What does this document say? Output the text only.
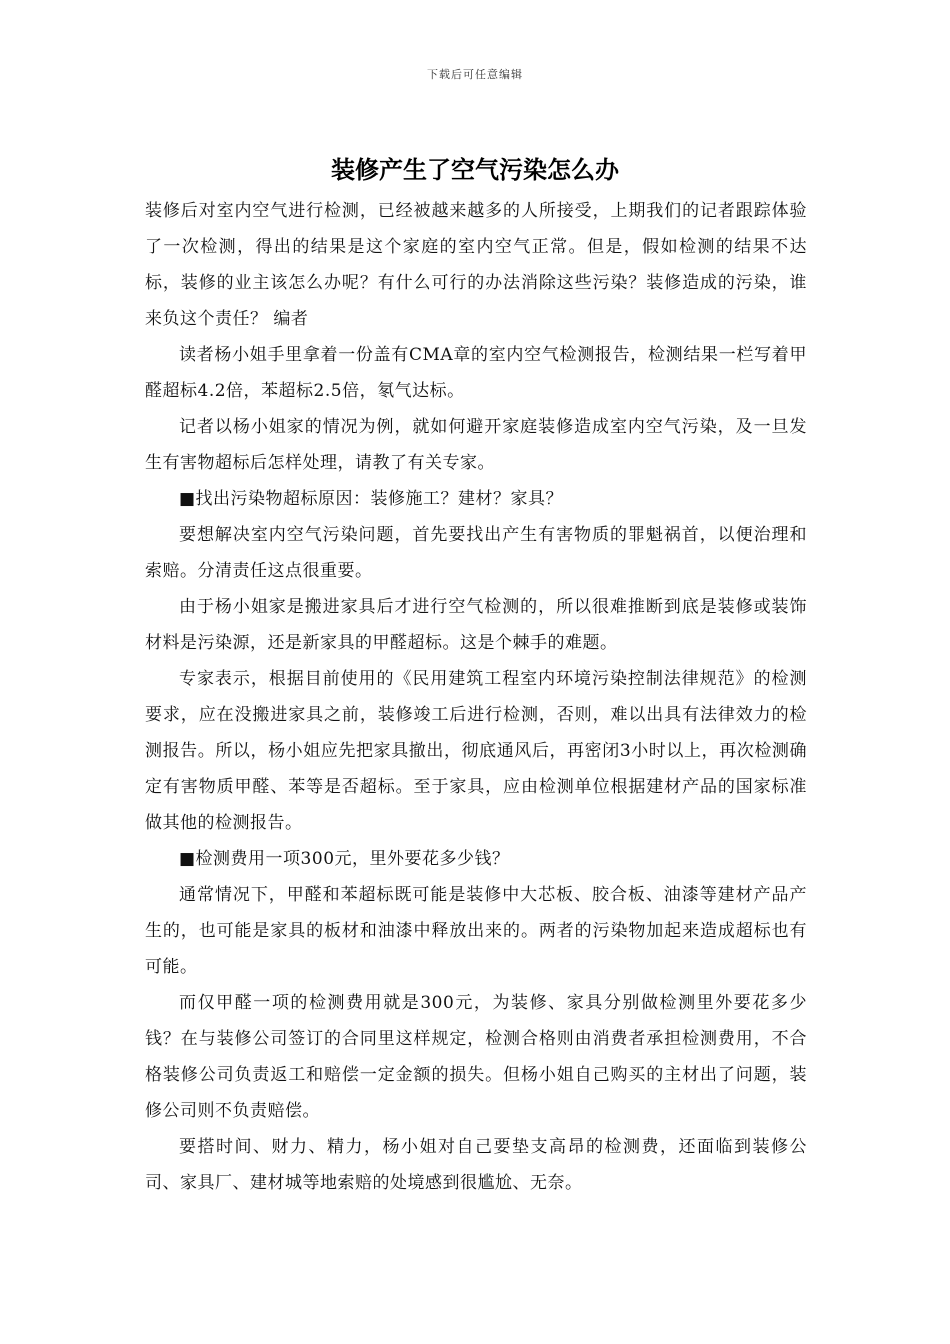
下载后可任意编辑
装修产生了空气污染怎么办

装修后对室内空气进行检测，已经被越来越多的人所接受，上期我们的记者跟踪体验了一次检测，得出的结果是这个家庭的室内空气正常。但是，假如检测的结果不达标，装修的业主该怎么办呢？有什么可行的办法消除这些污染？装修造成的污染，谁来负这个责任？ 编者

读者杨小姐手里拿着一份盖有CMA章的室内空气检测报告，检测结果一栏写着甲醛超标4.2倍，苯超标2.5倍，氡气达标。

记者以杨小姐家的情况为例，就如何避开家庭装修造成室内空气污染，及一旦发生有害物超标后怎样处理，请教了有关专家。

■找出污染物超标原因：装修施工？建材？家具？

要想解决室内空气污染问题，首先要找出产生有害物质的罪魁祸首，以便治理和索赔。分清责任这点很重要。

由于杨小姐家是搬进家具后才进行空气检测的，所以很难推断到底是装修或装饰材料是污染源，还是新家具的甲醛超标。这是个棘手的难题。

专家表示，根据目前使用的《民用建筑工程室内环境污染控制法律规范》的检测要求，应在没搬进家具之前，装修竣工后进行检测，否则，难以出具有法律效力的检测报告。所以，杨小姐应先把家具撤出，彻底通风后，再密闭3小时以上，再次检测确定有害物质甲醛、苯等是否超标。至于家具，应由检测单位根据建材产品的国家标准做其他的检测报告。

■检测费用一项300元，里外要花多少钱？

通常情况下，甲醛和苯超标既可能是装修中大芯板、胶合板、油漆等建材产品产生的，也可能是家具的板材和油漆中释放出来的。两者的污染物加起来造成超标也有可能。

而仅甲醛一项的检测费用就是300元，为装修、家具分别做检测里外要花多少钱？在与装修公司签订的合同里这样规定，检测合格则由消费者承担检测费用，不合格装修公司负责返工和赔偿一定金额的损失。但杨小姐自己购买的主材出了问题，装修公司则不负责赔偿。

要搭时间、财力、精力，杨小姐对自己要垫支高昂的检测费，还面临到装修公司、家具厂、建材城等地索赔的处境感到很尴尬、无奈。
